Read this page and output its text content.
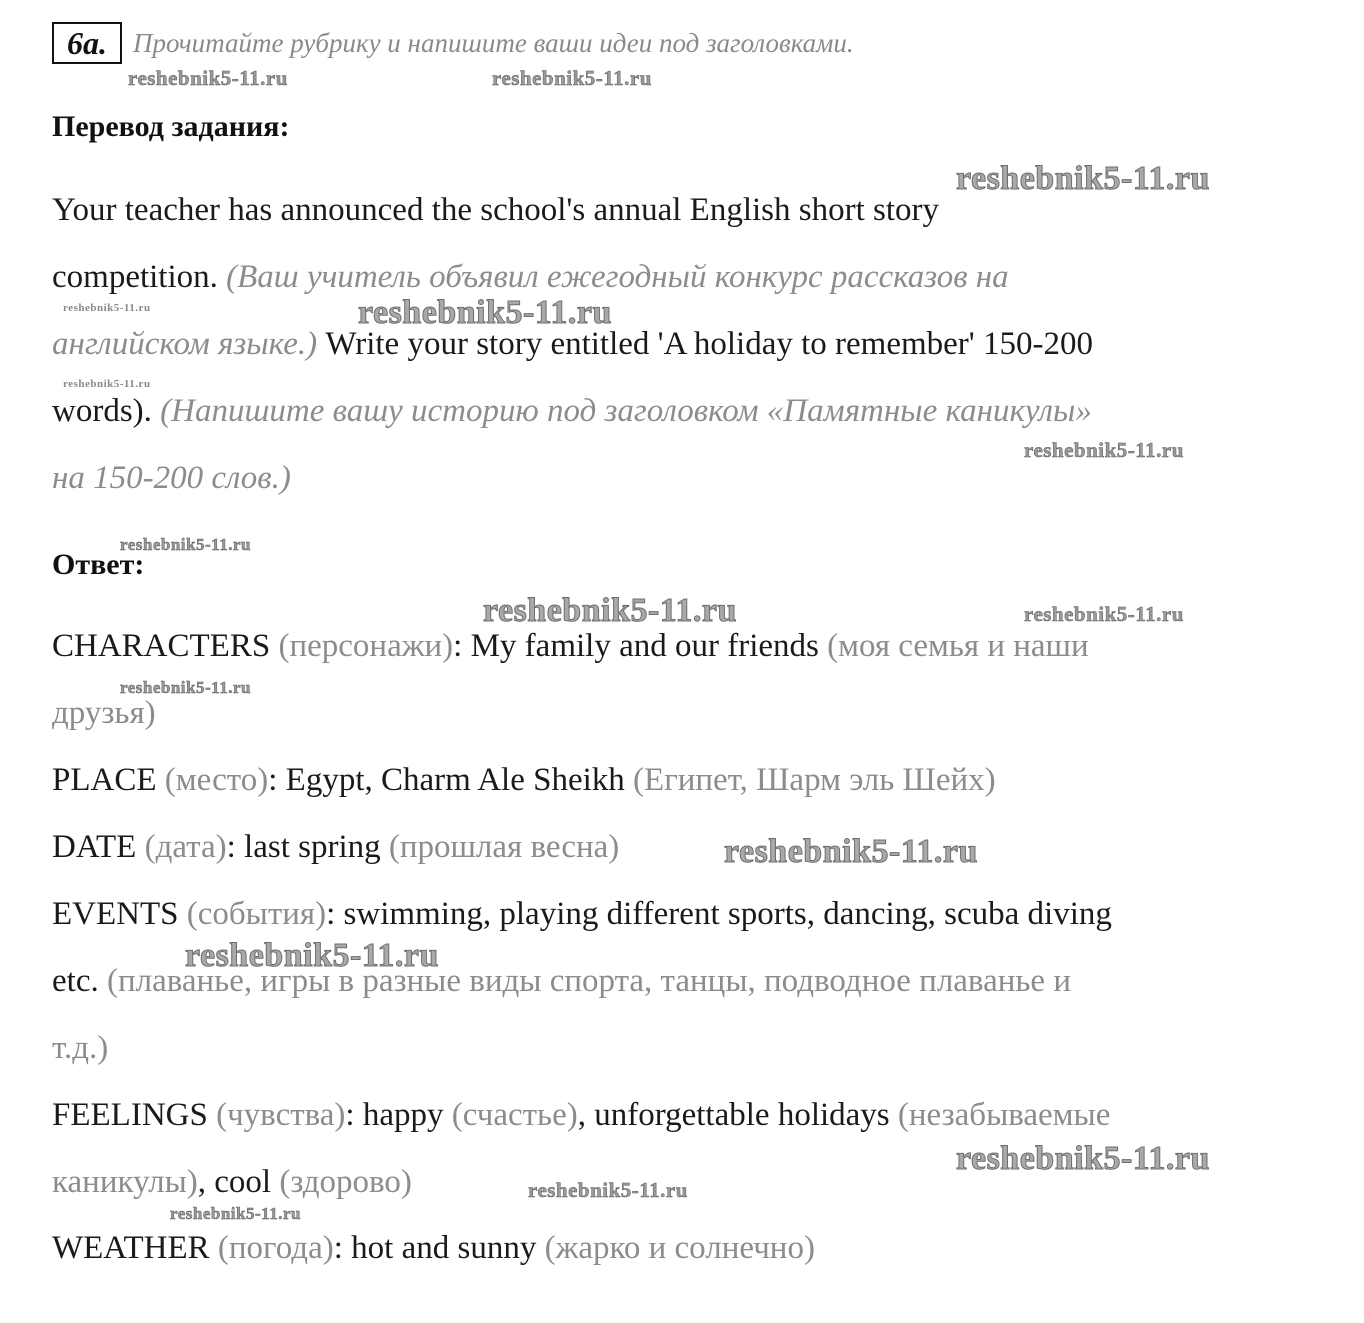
6a. Прочитайте рубрику и напишите ваши идеи под заголовками.
Перевод задания:
Your teacher has announced the school's annual English short story
competition. (Ваш учитель объявил ежегодный конкурс рассказов на
английском языке.) Write your story entitled 'A holiday to remember' 150-200
words). (Напишите вашу историю под заголовком «Памятные каникулы»
на 150-200 слов.)
Ответ:
CHARACTERS (персонажи): My family and our friends (моя семья и наши
друзья)
PLACE (место): Egypt, Charm Ale Sheikh (Египет, Шарм эль Шейх)
DATE (дата): last spring (прошлая весна)
EVENTS (события): swimming, playing different sports, dancing, scuba diving
etc. (плаванье, игры в разные виды спорта, танцы, подводное плаванье и
т.д.)
FEELINGS (чувства): happy (счастье), unforgettable holidays (незабываемые
каникулы), cool (здорово)
WEATHER (погода): hot and sunny (жарко и солнечно)
reshebnik5-11.ru	reshebnik5-11.ru
reshebnik5-11.ru
reshebnik5-11.ru	reshebnik5-11.ru
reshebnik5-11.ru
reshebnik5-11.ru
reshebnik5-11.ru
reshebnik5-11.ru	reshebnik5-11.ru
reshebnik5-11.ru
reshebnik5-11.ru
reshebnik5-11.ru
reshebnik5-11.ru
reshebnik5-11.ru
reshebnik5-11.ru
